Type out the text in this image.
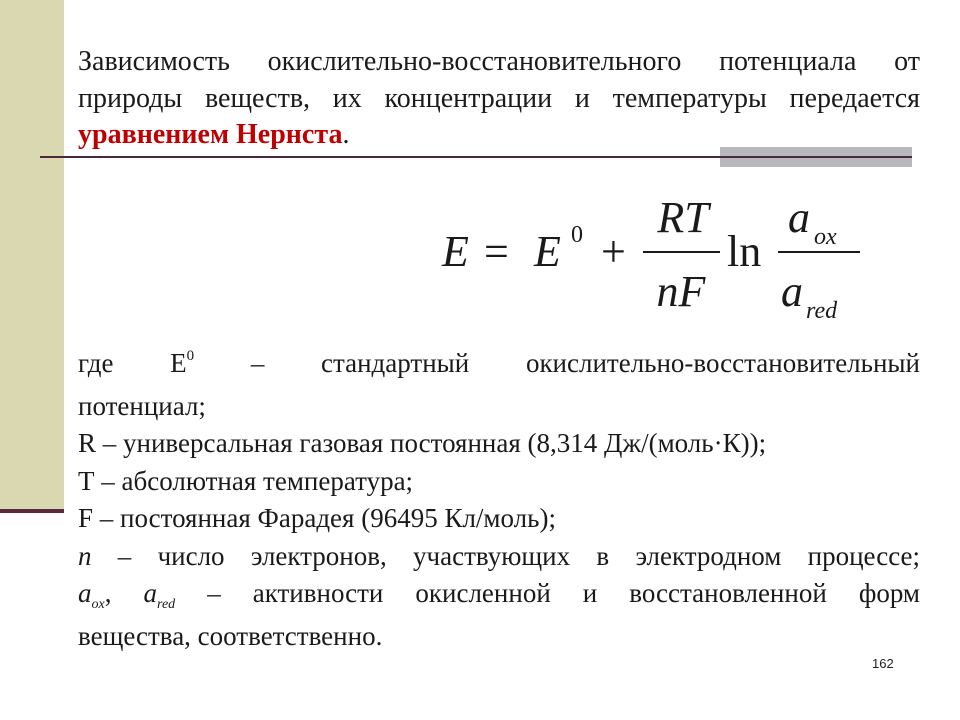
Зависимость окислительно-восстановительного потенциала от природы веществ, их концентрации и температуры передается уравнением Нернста.
E = E 0 +
RT
nF
ln
a ox
a red

где $Е^0$ – стандартный окислительно-восстановительный

потенциал;

R – универсальная газовая постоянная (8,314 Дж/(моль·К));

Т – абсолютная температура;

F – постоянная Фарадея (96495 Кл/моль);

n – число электронов, участвующих в электродном процессе;

$a_{ox}$, $a_{red}$ – активности окисленной и восстановленной форм

вещества, соответственно.

162
